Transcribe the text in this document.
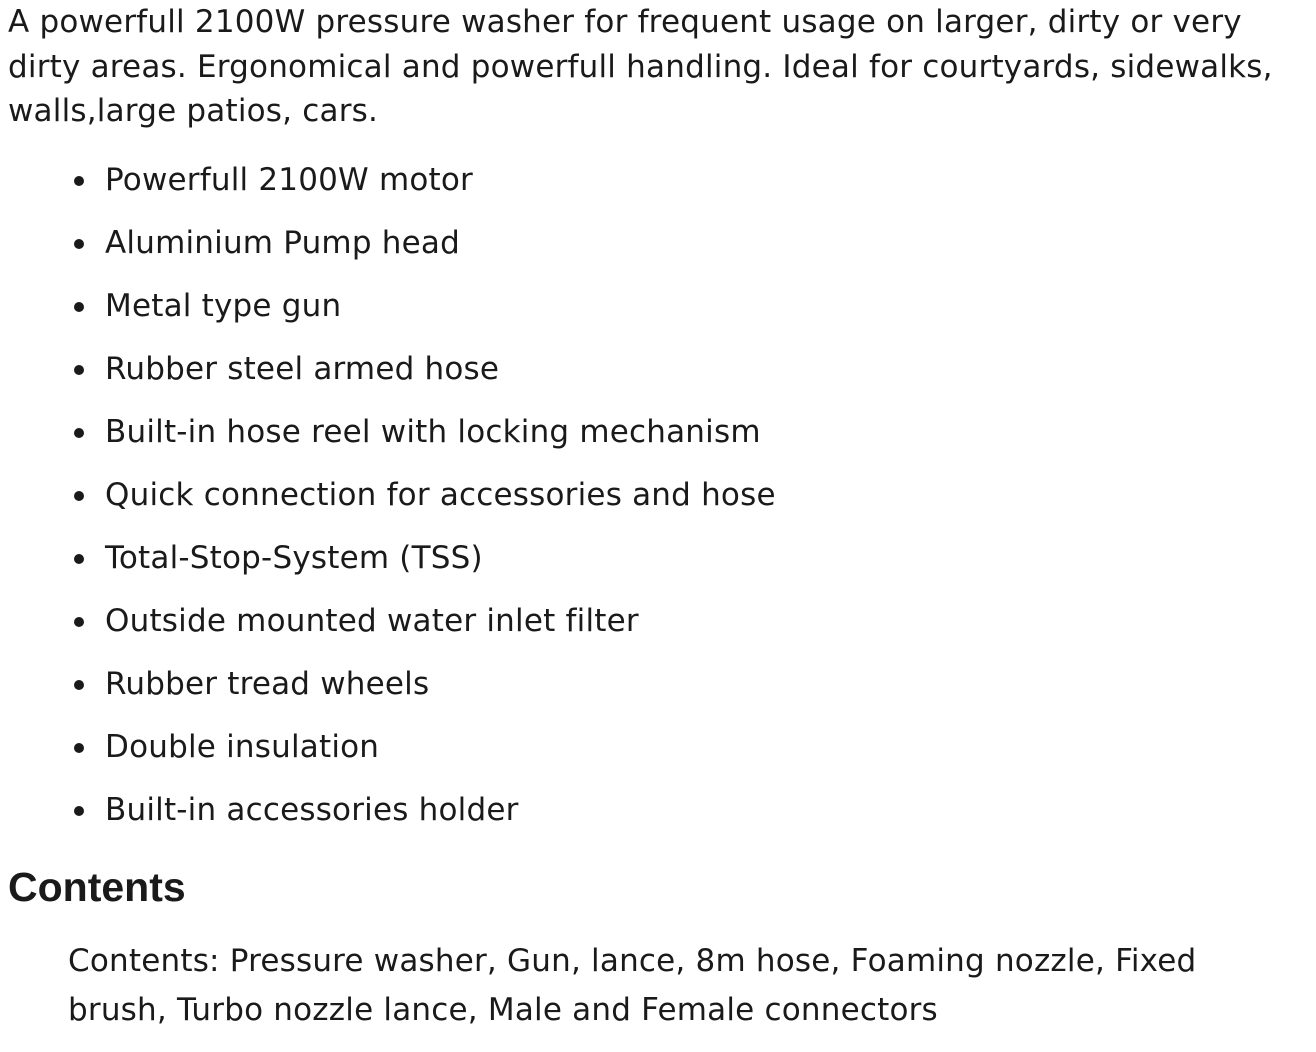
A powerfull 2100W pressure washer for frequent usage on larger, dirty or very dirty areas. Ergonomical and powerfull handling. Ideal for courtyards, sidewalks, walls,large patios, cars.

Powerfull 2100W motor
Aluminium Pump head
Metal type gun
Rubber steel armed hose
Built-in hose reel with locking mechanism
Quick connection for accessories and hose
Total-Stop-System (TSS)
Outside mounted water inlet filter
Rubber tread wheels
Double insulation
Built-in accessories holder
Contents

Contents: Pressure washer, Gun, lance, 8m hose, Foaming nozzle, Fixed brush, Turbo nozzle lance, Male and Female connectors
